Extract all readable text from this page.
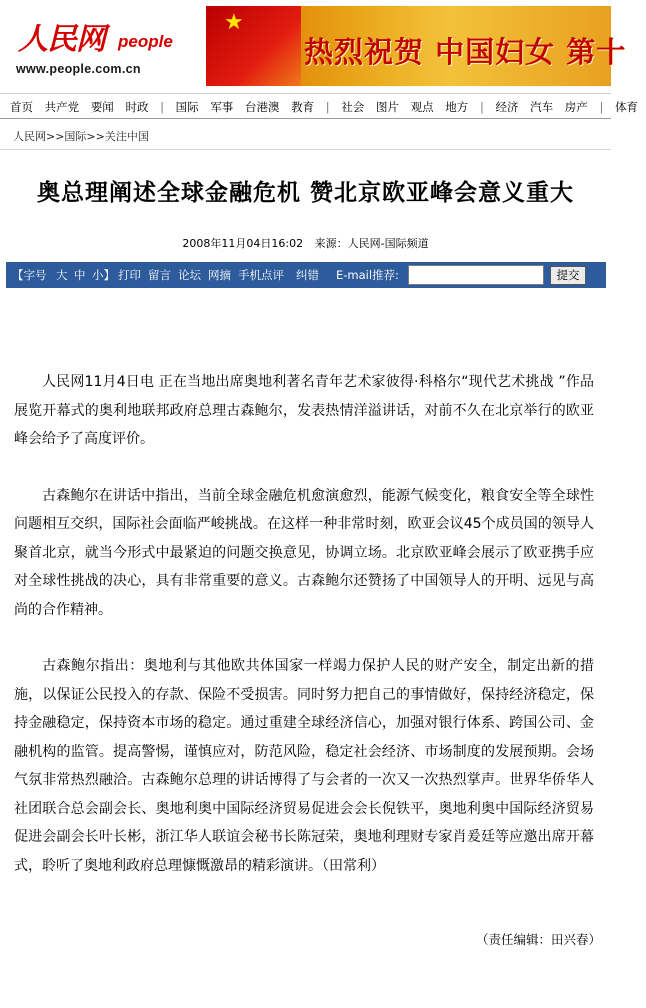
人民网 people
www.people.com.cn
★
热烈祝贺 中国妇女 第十
首页 共产党 要闻 时政 | 国际 军事 台港澳 教育 | 社会 图片 观点 地方 | 经济 汽车 房产 | 体育
人民网>>国际>>关注中国
奥总理阐述全球金融危机 赞北京欧亚峰会意义重大
2008年11月04日16:02 来源：人民网-国际频道
【字号 大 中 小】 打印 留言 论坛 网摘 手机点评 纠错 E-mail推荐:	提交

人民网11月4日电 正在当地出席奥地利著名青年艺术家彼得·科格尔“现代艺术挑战 ”作品展览开幕式的奥利地联邦政府总理古森鲍尔，发表热情洋溢讲话，对前不久在北京举行的欧亚峰会给予了高度评价。

古森鲍尔在讲话中指出，当前全球金融危机愈演愈烈，能源气候变化，粮食安全等全球性问题相互交织，国际社会面临严峻挑战。在这样一种非常时刻，欧亚会议45个成员国的领导人聚首北京，就当今形式中最紧迫的问题交换意见，协调立场。北京欧亚峰会展示了欧亚携手应对全球性挑战的决心，具有非常重要的意义。古森鲍尔还赞扬了中国领导人的开明、远见与高尚的合作精神。

古森鲍尔指出：奥地利与其他欧共体国家一样竭力保护人民的财产安全，制定出新的措施，以保证公民投入的存款、保险不受损害。同时努力把自己的事情做好，保持经济稳定，保持金融稳定，保持资本市场的稳定。通过重建全球经济信心，加强对银行体系、跨国公司、金融机构的监管。提高警惕，谨慎应对，防范风险，稳定社会经济、市场制度的发展预期。会场气氛非常热烈融洽。古森鲍尔总理的讲话博得了与会者的一次又一次热烈掌声。世界华侨华人社团联合总会副会长、奥地利奥中国际经济贸易促进会会长倪铁平，奥地利奥中国际经济贸易促进会副会长叶长彬，浙江华人联谊会秘书长陈冠荣，奥地利理财专家肖爰廷等应邀出席开幕式，聆听了奥地利政府总理慷慨激昂的精彩演讲。（田常利）

（责任编辑：田兴春）
